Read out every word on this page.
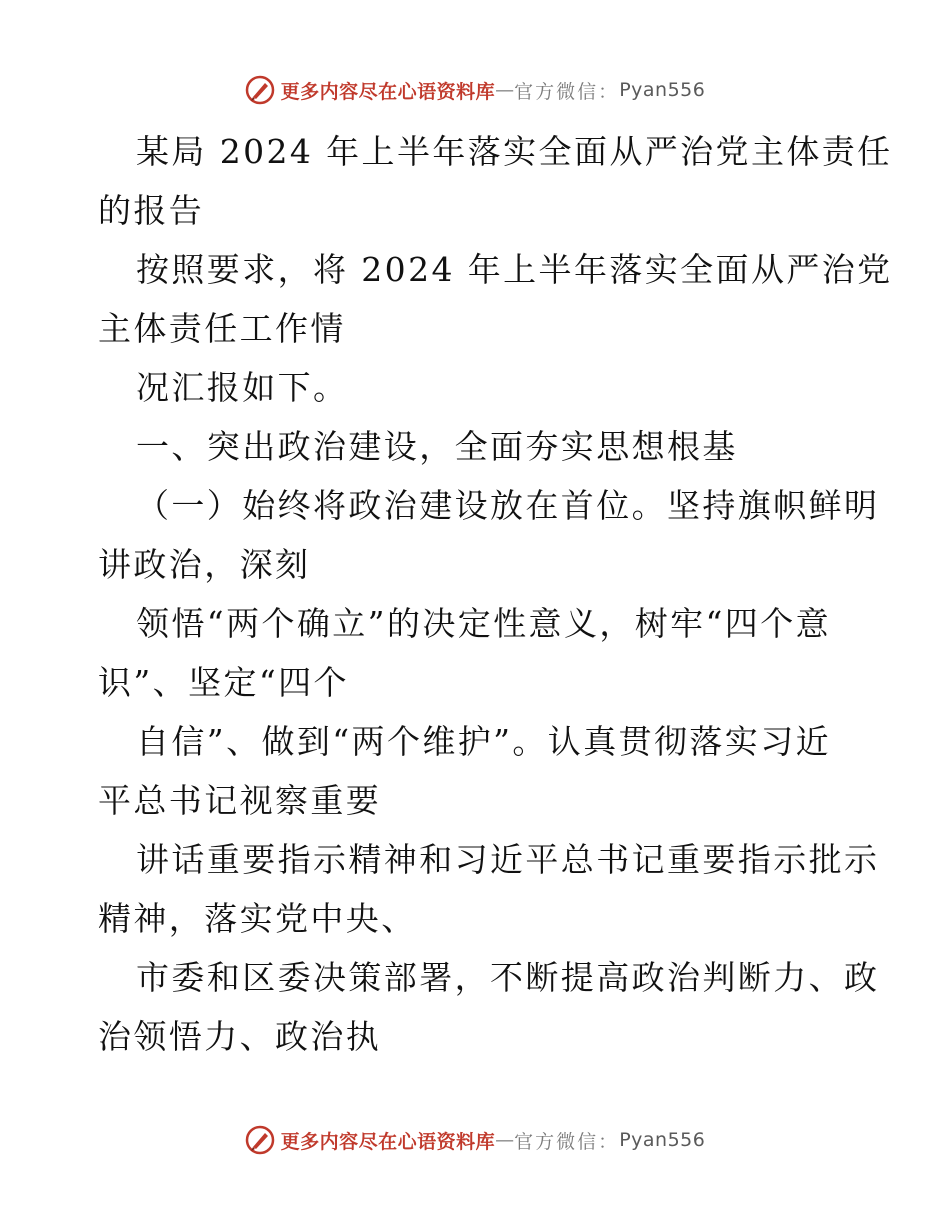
更多内容尽在心语资料库 — 官方微信： Pyan556
某局 2024 年上半年落实全面从严治党主体责任
的报告
按照要求，将 2024 年上半年落实全面从严治党
主体责任工作情
况汇报如下。
一、突出政治建设，全面夯实思想根基
（一）始终将政治建设放在首位。坚持旗帜鲜明
讲政治，深刻
领悟“两个确立”的决定性意义，树牢“四个意
识”、坚定“四个
自信”、做到“两个维护”。认真贯彻落实习近
平总书记视察重要
讲话重要指示精神和习近平总书记重要指示批示
精神，落实党中央、
市委和区委决策部署，不断提高政治判断力、政
治领悟力、政治执
更多内容尽在心语资料库 — 官方微信： Pyan556
